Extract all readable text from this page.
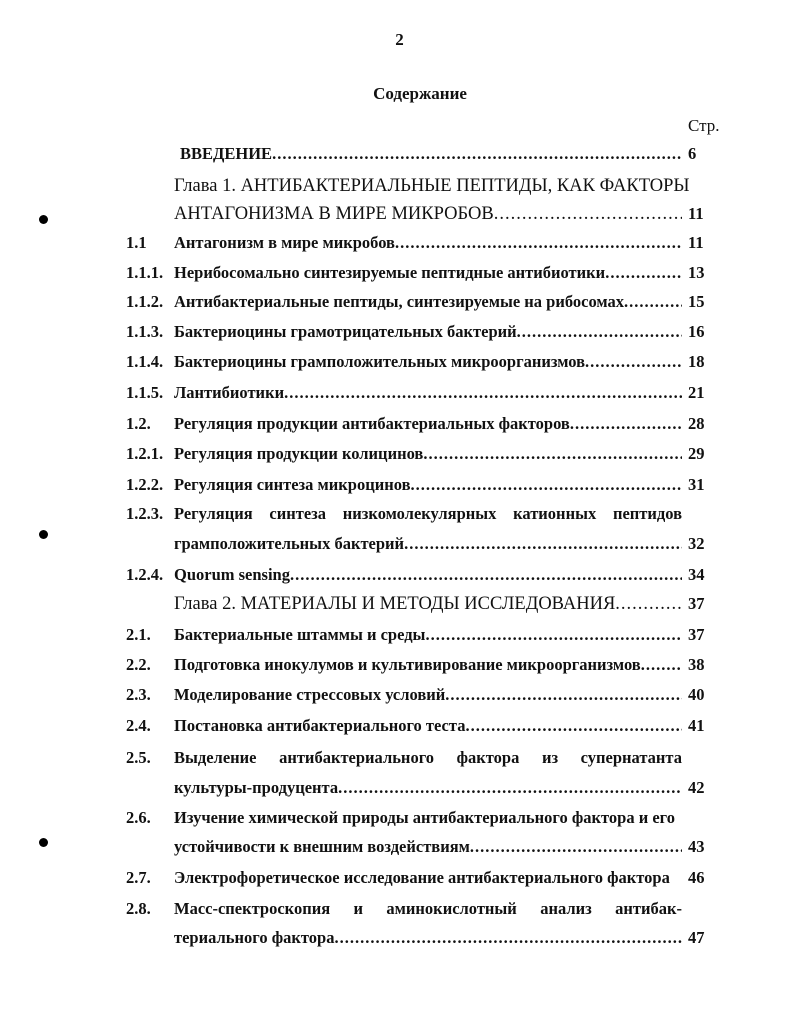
2
Содержание
Стр.
ВВЕДЕНИЕ .....	6
Глава 1. АНТИБАКТЕРИАЛЬНЫЕ ПЕПТИДЫ, КАК ФАКТОРЫ
АНТАГОНИЗМА В МИРЕ МИКРОБОВ .....	11
1.1 Антагонизм в мире микробов .....	11
1.1.1. Нерибосомально синтезируемые пептидные антибиотики .....	13
1.1.2. Антибактериальные пептиды, синтезируемые на рибосомах .....	15
1.1.3. Бактериоцины грамотрицательных бактерий .....	16
1.1.4. Бактериоцины грамположительных микроорганизмов .....	18
1.1.5. Лантибиотики .....	21
1.2. Регуляция продукции антибактериальных факторов .....	28
1.2.1. Регуляция продукции колицинов .....	29
1.2.2. Регуляция синтеза микроцинов .....	31
1.2.3. Регуляция синтеза низкомолекулярных катионных пептидов
грамположительных бактерий .....	32
1.2.4. Quorum sensing .....	34
Глава 2. МАТЕРИАЛЫ И МЕТОДЫ ИССЛЕДОВАНИЯ .....	37
2.1. Бактериальные штаммы и среды .....	37
2.2. Подготовка инокулумов и культивирование микроорганизмов .....	38
2.3. Моделирование стрессовых условий .....	40
2.4. Постановка антибактериального теста .....	41
2.5. Выделение антибактериального фактора из супернатанта
культуры-продуцента .....	42
2.6. Изучение химической природы антибактериального фактора и его
устойчивости к внешним воздействиям .....	43
2.7. Электрофоретическое исследование антибактериального фактора 46
2.8. Масс-спектроскопия и аминокислотный анализ антибак-
териального фактора .....	47
